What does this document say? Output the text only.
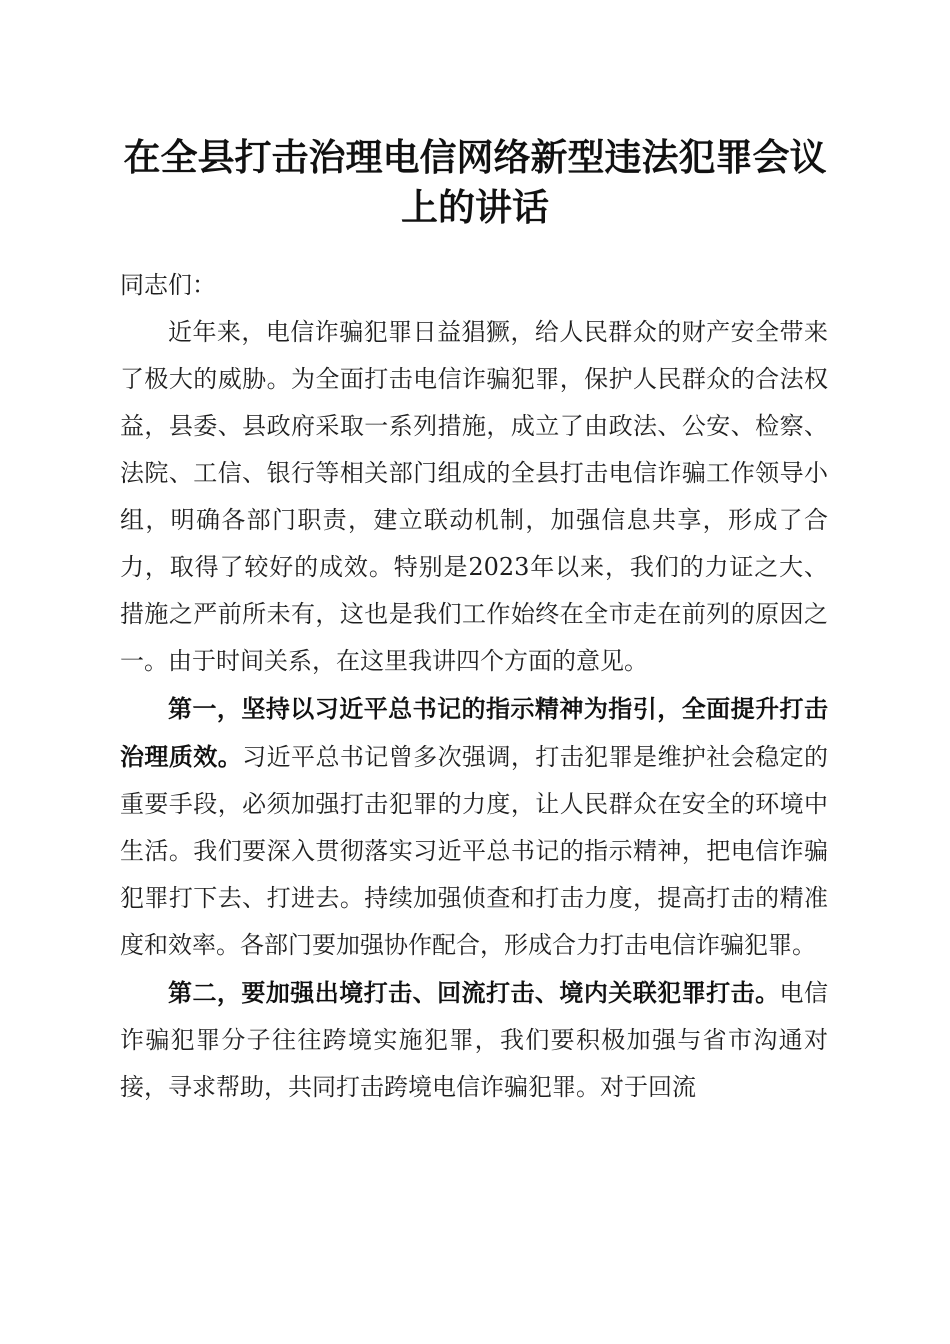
在全县打击治理电信网络新型违法犯罪会议上的讲话

同志们：

近年来，电信诈骗犯罪日益猖獗，给人民群众的财产安全带来了极大的威胁。为全面打击电信诈骗犯罪，保护人民群众的合法权益，县委、县政府采取一系列措施，成立了由政法、公安、检察、法院、工信、银行等相关部门组成的全县打击电信诈骗工作领导小组，明确各部门职责，建立联动机制，加强信息共享，形成了合力，取得了较好的成效。特别是2023年以来，我们的力证之大、措施之严前所未有，这也是我们工作始终在全市走在前列的原因之一。由于时间关系，在这里我讲四个方面的意见。

第一，坚持以习近平总书记的指示精神为指引，全面提升打击治理质效。习近平总书记曾多次强调，打击犯罪是维护社会稳定的重要手段，必须加强打击犯罪的力度，让人民群众在安全的环境中生活。我们要深入贯彻落实习近平总书记的指示精神，把电信诈骗犯罪打下去、打进去。持续加强侦查和打击力度，提高打击的精准度和效率。各部门要加强协作配合，形成合力打击电信诈骗犯罪。

第二，要加强出境打击、回流打击、境内关联犯罪打击。电信诈骗犯罪分子往往跨境实施犯罪，我们要积极加强与省市沟通对接，寻求帮助，共同打击跨境电信诈骗犯罪。对于回流
